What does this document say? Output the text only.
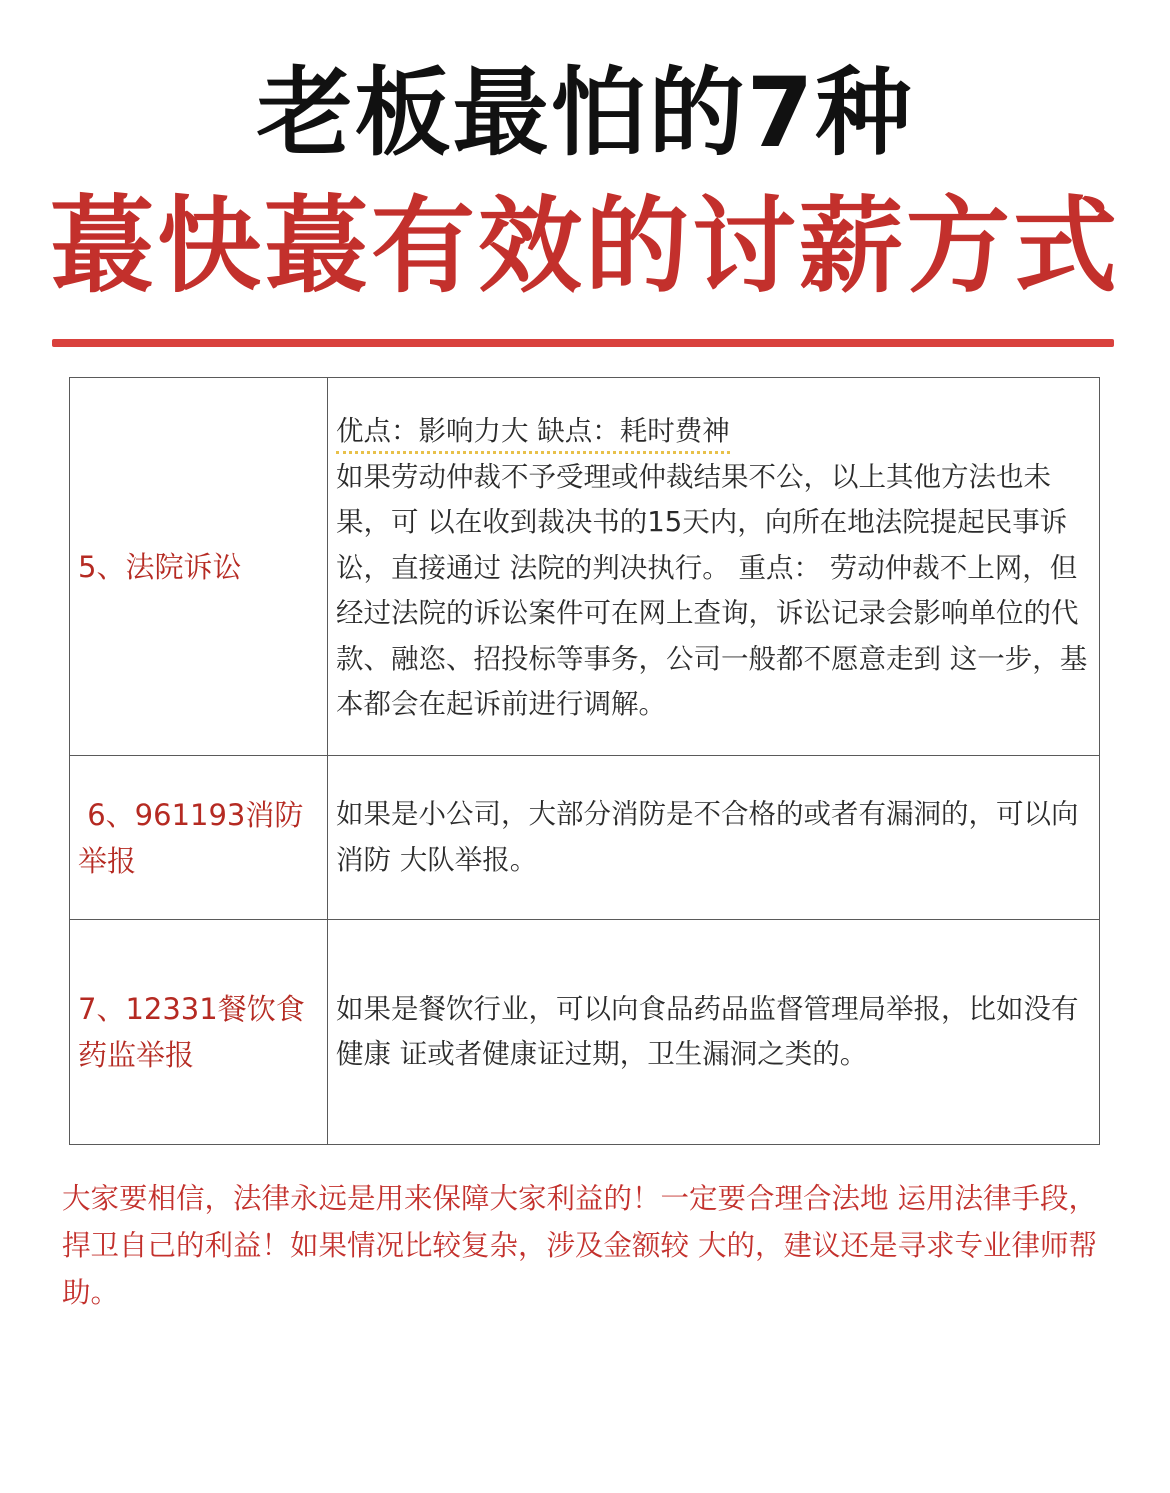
老板最怕的7种
蕞快蕞有效的讨薪方式
5、法院诉讼	优点：影响力大 缺点：耗时费神
如果劳动仲裁不予受理或仲裁结果不公，以上其他方法也未果，可 以在收到裁决书的15天内，向所在地法院提起民事诉讼，直接通过 法院的判决执行。 重点： 劳动仲裁不上网，但经过法院的诉讼案件可在网上查询，诉讼记录会影响单位的代款、融恣、招投标等事务，公司一般都不愿意走到 这一步，基本都会在起诉前进行调解。

6、961193消防举报	如果是小公司，大部分消防是不合格的或者有漏洞的，可以向消防 大队举报。
7、12331餐饮食药监举报	如果是餐饮行业，可以向食品药品监督管理局举报，比如没有健康 证或者健康证过期，卫生漏洞之类的。
大家要相信，法律永远是用来保障大家利益的！一定要合理合法地 运用法律手段，捍卫自己的利益！如果情况比较复杂，涉及金额较 大的，建议还是寻求专业律师帮助。
